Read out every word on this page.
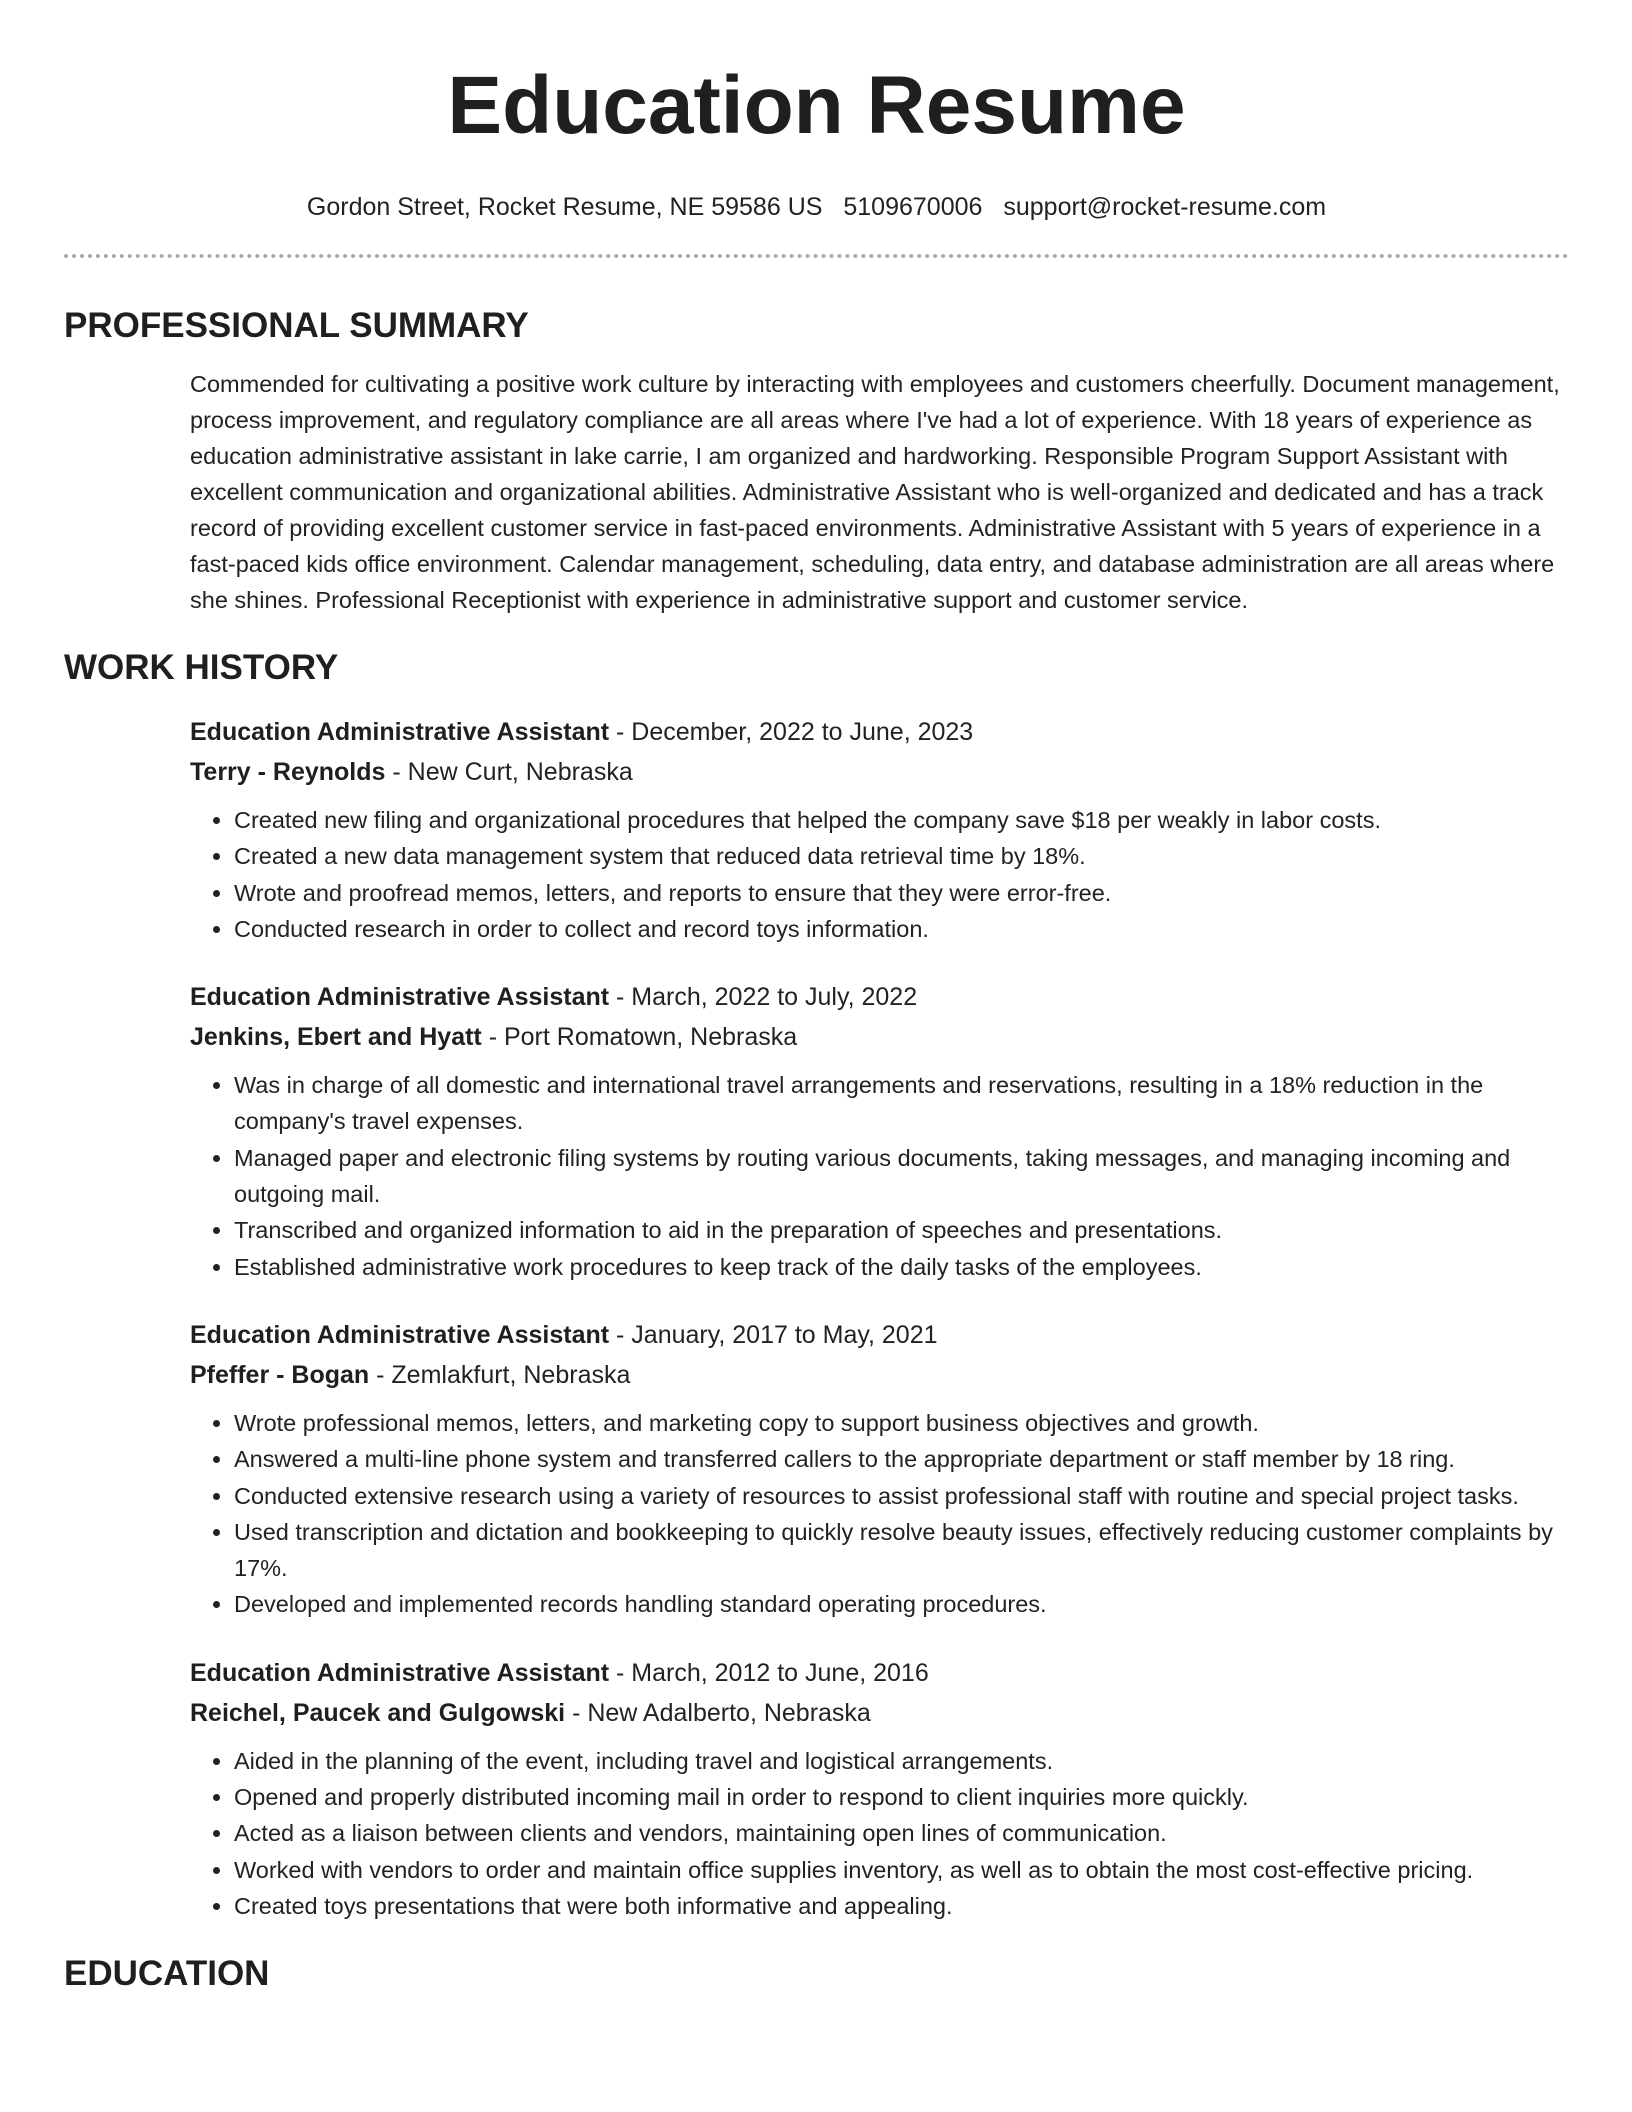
Education Resume
Gordon Street, Rocket Resume, NE 59586 US 5109670006 support@rocket-resume.com
PROFESSIONAL SUMMARY
Commended for cultivating a positive work culture by interacting with employees and customers cheerfully. Document management, process improvement, and regulatory compliance are all areas where I've had a lot of experience. With 18 years of experience as education administrative assistant in lake carrie, I am organized and hardworking. Responsible Program Support Assistant with excellent communication and organizational abilities. Administrative Assistant who is well-organized and dedicated and has a track record of providing excellent customer service in fast-paced environments. Administrative Assistant with 5 years of experience in a fast-paced kids office environment. Calendar management, scheduling, data entry, and database administration are all areas where she shines. Professional Receptionist with experience in administrative support and customer service.
WORK HISTORY
Education Administrative Assistant - December, 2022 to June, 2023
Terry - Reynolds - New Curt, Nebraska
• Created new filing and organizational procedures that helped the company save $18 per weakly in labor costs.
• Created a new data management system that reduced data retrieval time by 18%.
• Wrote and proofread memos, letters, and reports to ensure that they were error-free.
• Conducted research in order to collect and record toys information.
Education Administrative Assistant - March, 2022 to July, 2022
Jenkins, Ebert and Hyatt - Port Romatown, Nebraska
• Was in charge of all domestic and international travel arrangements and reservations, resulting in a 18% reduction in the company's travel expenses.
• Managed paper and electronic filing systems by routing various documents, taking messages, and managing incoming and outgoing mail.
• Transcribed and organized information to aid in the preparation of speeches and presentations.
• Established administrative work procedures to keep track of the daily tasks of the employees.
Education Administrative Assistant - January, 2017 to May, 2021
Pfeffer - Bogan - Zemlakfurt, Nebraska
• Wrote professional memos, letters, and marketing copy to support business objectives and growth.
• Answered a multi-line phone system and transferred callers to the appropriate department or staff member by 18 ring.
• Conducted extensive research using a variety of resources to assist professional staff with routine and special project tasks.
• Used transcription and dictation and bookkeeping to quickly resolve beauty issues, effectively reducing customer complaints by 17%.
• Developed and implemented records handling standard operating procedures.
Education Administrative Assistant - March, 2012 to June, 2016
Reichel, Paucek and Gulgowski - New Adalberto, Nebraska
• Aided in the planning of the event, including travel and logistical arrangements.
• Opened and properly distributed incoming mail in order to respond to client inquiries more quickly.
• Acted as a liaison between clients and vendors, maintaining open lines of communication.
• Worked with vendors to order and maintain office supplies inventory, as well as to obtain the most cost-effective pricing.
• Created toys presentations that were both informative and appealing.
EDUCATION
